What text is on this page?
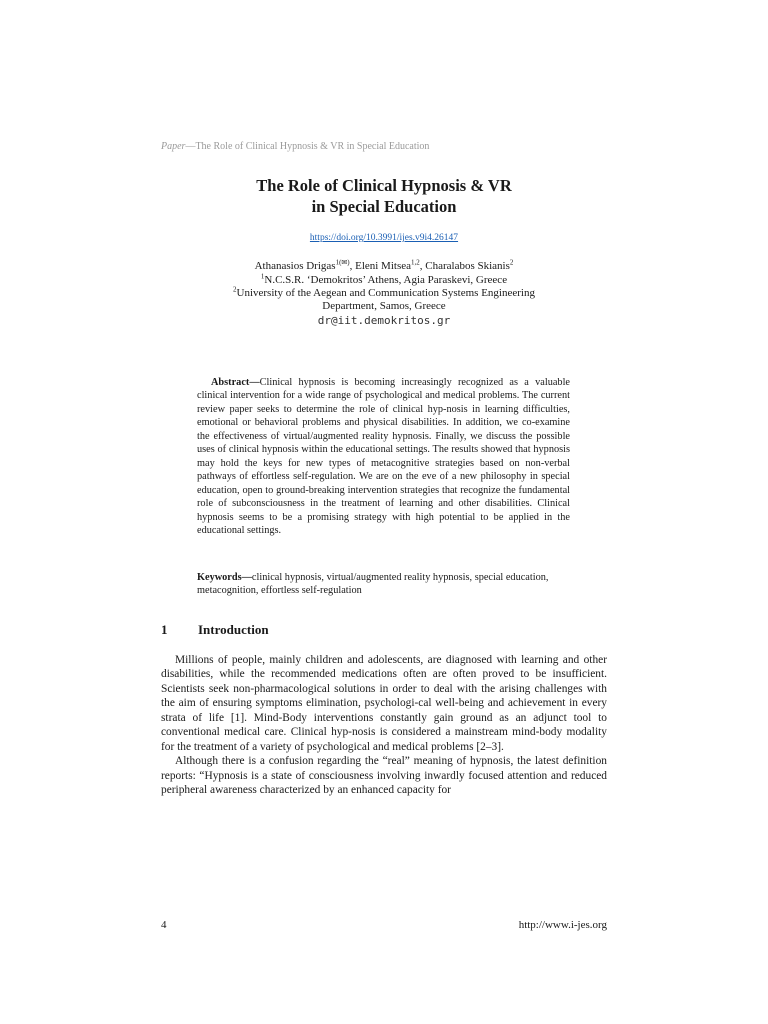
Paper—The Role of Clinical Hypnosis & VR in Special Education
The Role of Clinical Hypnosis & VR
in Special Education
https://doi.org/10.3991/ijes.v9i4.26147
Athanasios Drigas$^{1(✉)}$, Eleni Mitsea$^{1,2}$, Charalabos Skianis$^2$
$^1$N.C.S.R. ‘Demokritos’ Athens, Agia Paraskevi, Greece
$^2$University of the Aegean and Communication Systems Engineering
Department, Samos, Greece
dr@iit.demokritos.gr
Abstract—Clinical hypnosis is becoming increasingly recognized as a valuable clinical intervention for a wide range of psychological and medical problems. The current review paper seeks to determine the role of clinical hyp-nosis in learning difficulties, emotional or behavioral problems and physical disabilities. In addition, we co-examine the effectiveness of virtual/augmented reality hypnosis. Finally, we discuss the possible uses of clinical hypnosis within the educational settings. The results showed that hypnosis may hold the keys for new types of metacognitive strategies based on non-verbal pathways of effortless self-regulation. We are on the eve of a new philosophy in special education, open to ground-breaking intervention strategies that recognize the fundamental role of subconsciousness in the treatment of learning and other disabilities. Clinical hypnosis seems to be a promising strategy with high potential to be applied in the educational settings.
Keywords—clinical hypnosis, virtual/augmented reality hypnosis, special education, metacognition, effortless self-regulation
1 Introduction

Millions of people, mainly children and adolescents, are diagnosed with learning and other disabilities, while the recommended medications often are often proved to be insufficient. Scientists seek non-pharmacological solutions in order to deal with the arising challenges with the aim of ensuring symptoms elimination, psychologi-cal well-being and achievement in every strata of life [1]. Mind-Body interventions constantly gain ground as an adjunct tool to conventional medical care. Clinical hyp-nosis is considered a mainstream mind-body modality for the treatment of a variety of psychological and medical problems [2–3].

Although there is a confusion regarding the “real” meaning of hypnosis, the latest definition reports: “Hypnosis is a state of consciousness involving inwardly focused attention and reduced peripheral awareness characterized by an enhanced capacity for

4	http://www.i-jes.org
